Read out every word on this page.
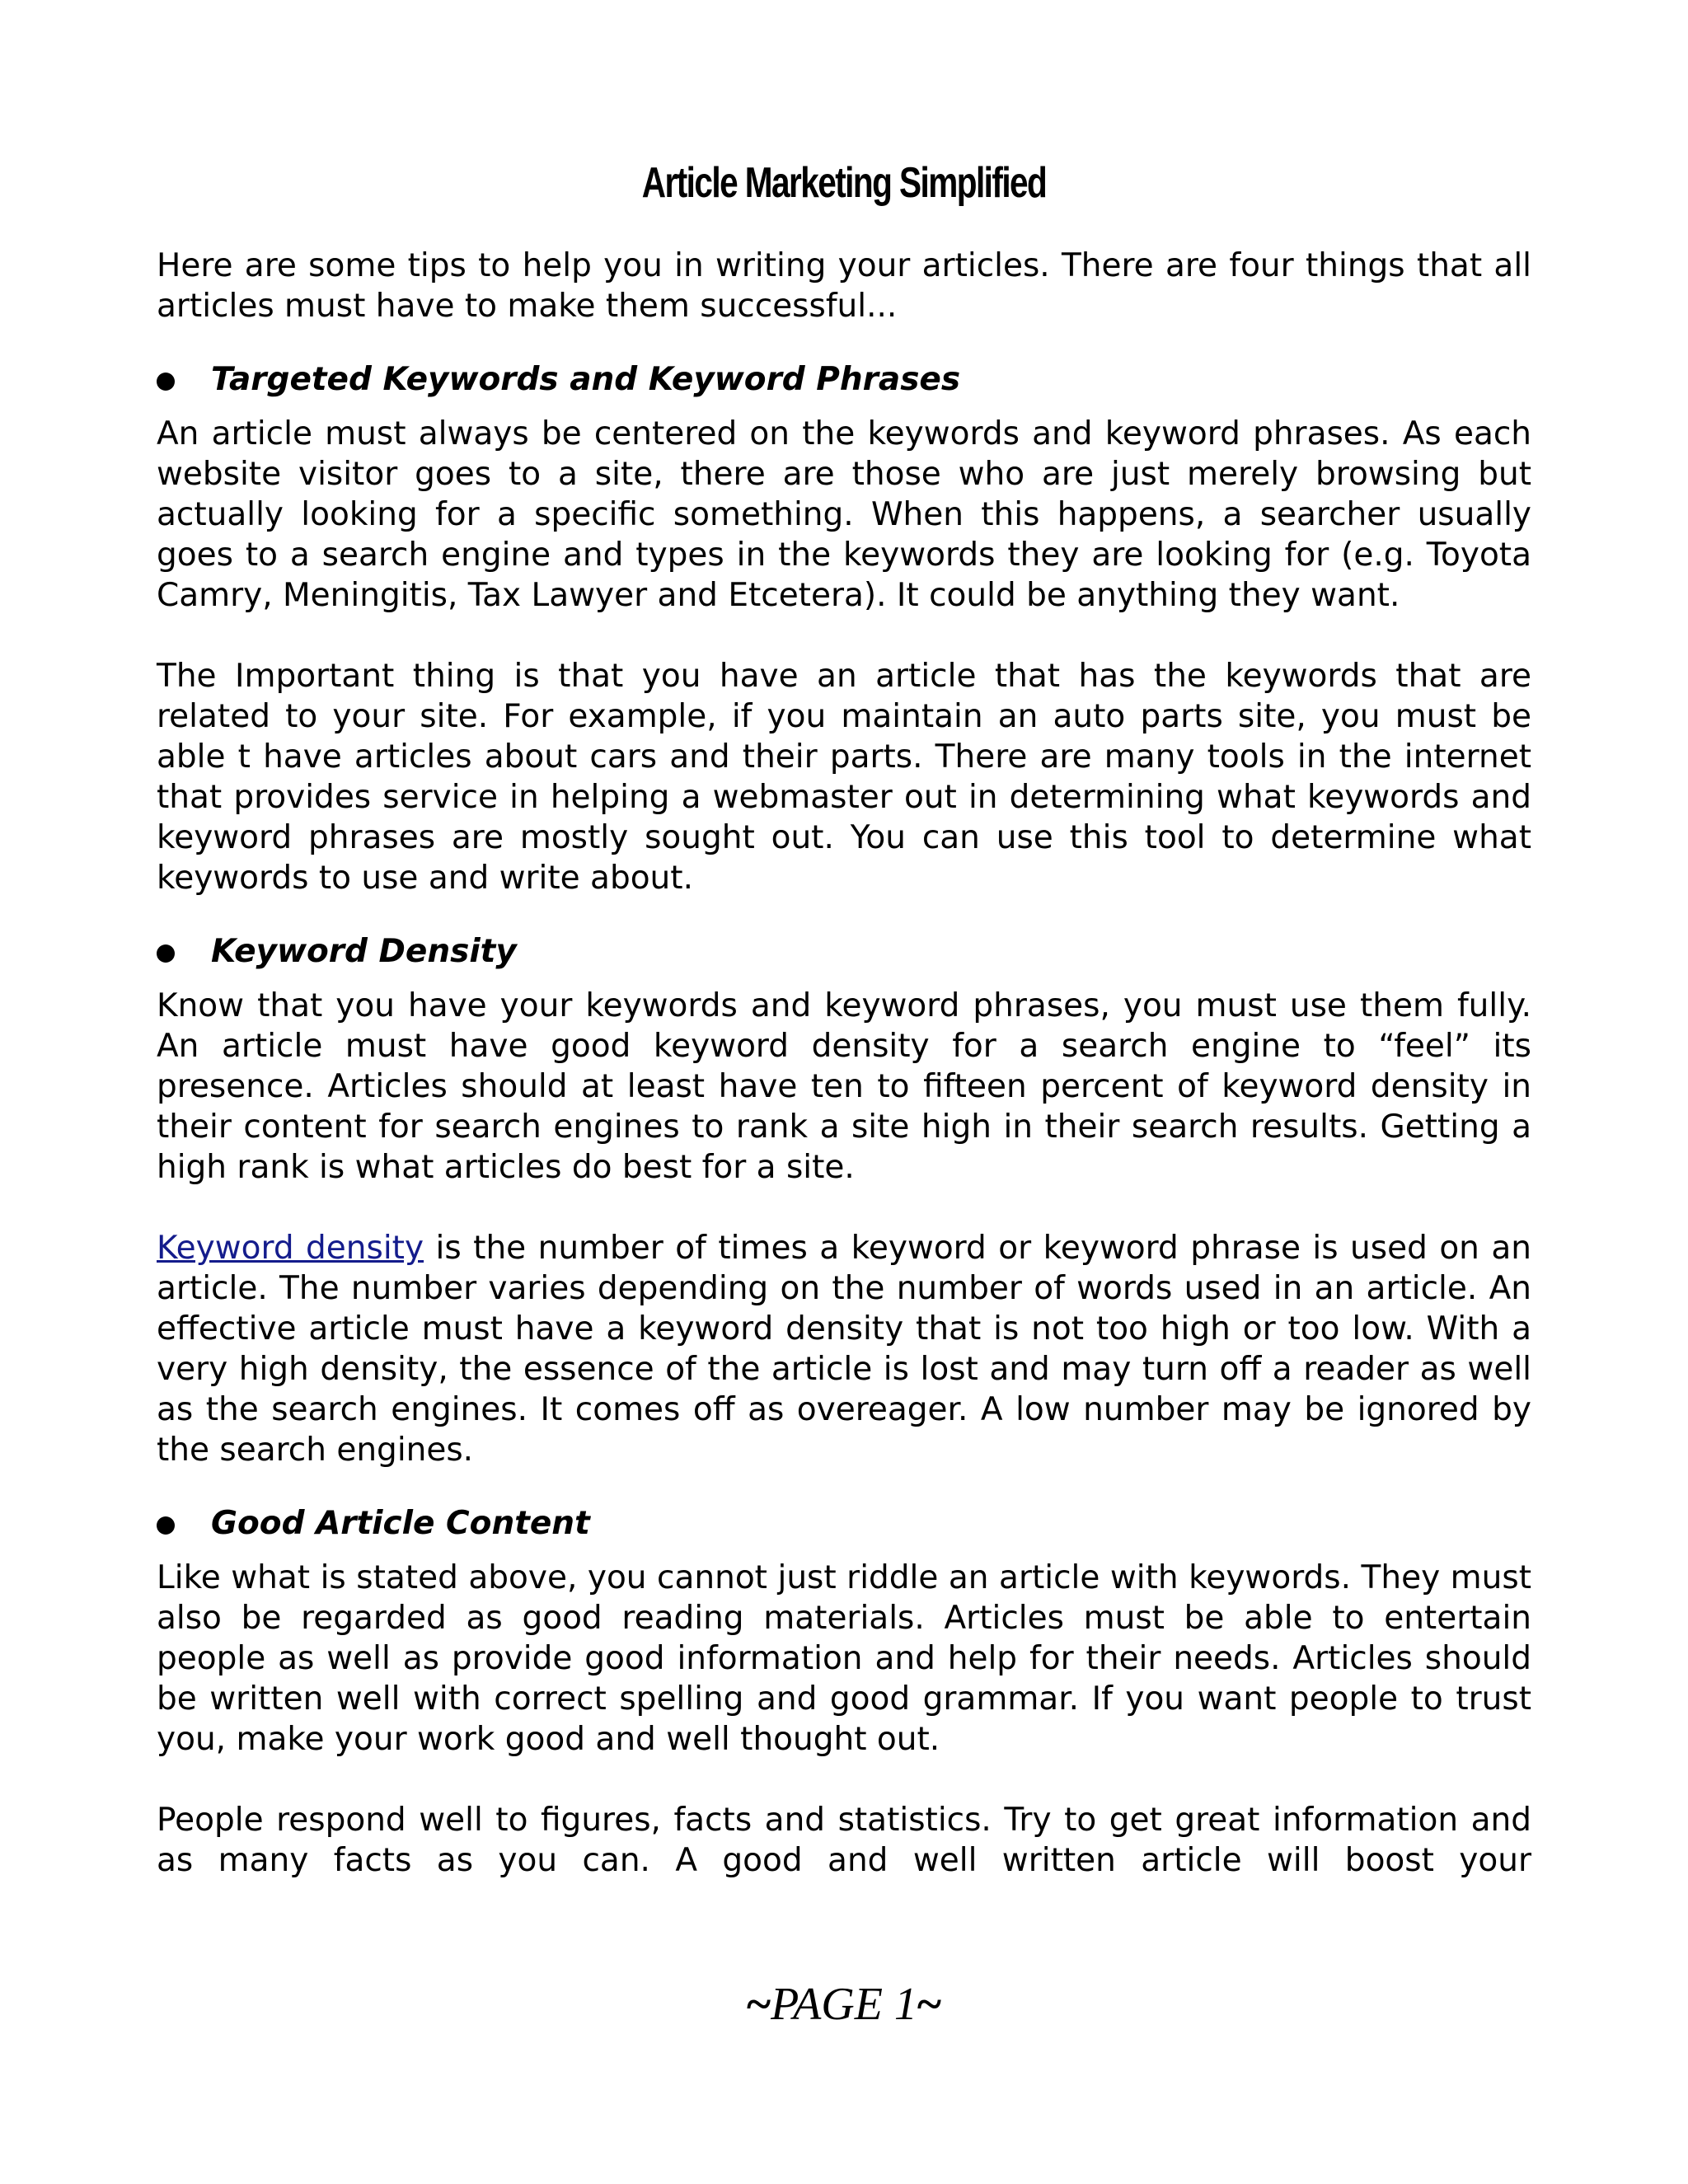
Article Marketing Simplified

Here are some tips to help you in writing your articles. There are four things that all articles must have to make them successful...

Targeted Keywords and Keyword Phrases

An article must always be centered on the keywords and keyword phrases. As each website visitor goes to a site, there are those who are just merely browsing but actually looking for a specific something. When this happens, a searcher usually goes to a search engine and types in the keywords they are looking for (e.g. Toyota Camry, Meningitis, Tax Lawyer and Etcetera). It could be anything they want.

The Important thing is that you have an article that has the keywords that are related to your site. For example, if you maintain an auto parts site, you must be able t have articles about cars and their parts. There are many tools in the internet that provides service in helping a webmaster out in determining what keywords and keyword phrases are mostly sought out. You can use this tool to determine what keywords to use and write about.

Keyword Density

Know that you have your keywords and keyword phrases, you must use them fully. An article must have good keyword density for a search engine to “feel” its presence. Articles should at least have ten to fifteen percent of keyword density in their content for search engines to rank a site high in their search results. Getting a high rank is what articles do best for a site.

Keyword density is the number of times a keyword or keyword phrase is used on an article. The number varies depending on the number of words used in an article. An effective article must have a keyword density that is not too high or too low. With a very high density, the essence of the article is lost and may turn off a reader as well as the search engines. It comes off as overeager. A low number may be ignored by the search engines.

Good Article Content

Like what is stated above, you cannot just riddle an article with keywords. They must also be regarded as good reading materials. Articles must be able to entertain people as well as provide good information and help for their needs. Articles should be written well with correct spelling and good grammar. If you want people to trust you, make your work good and well thought out.

People respond well to figures, facts and statistics. Try to get great information and as many facts as you can. A good and well written article will boost your

~PAGE 1~
